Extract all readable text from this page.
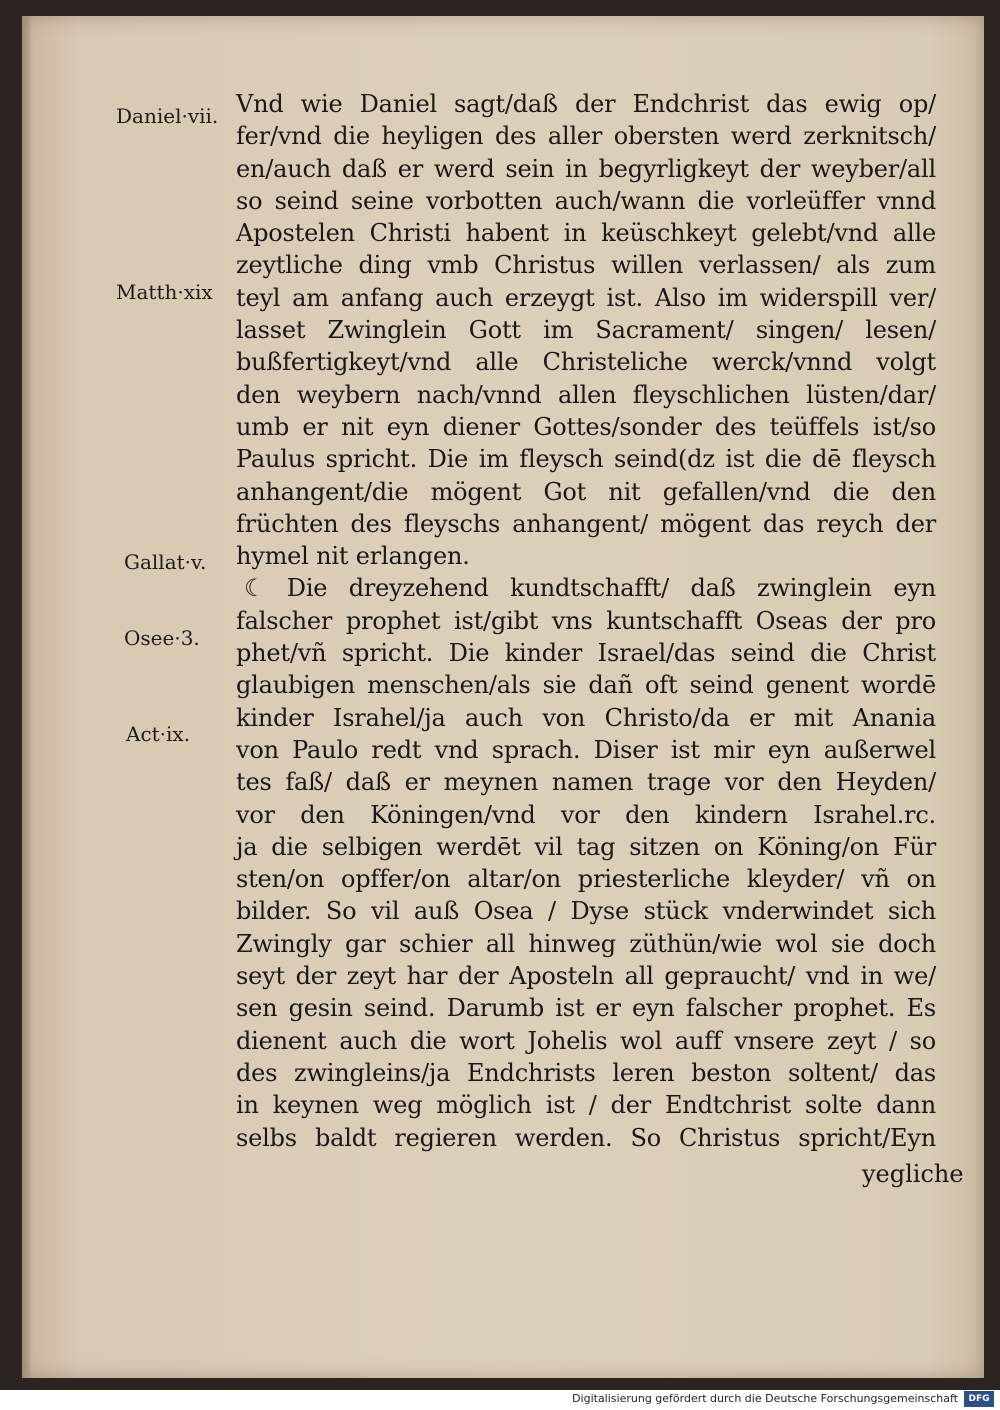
Daniel·vii.
Matth·xix
Gallat·v.
Osee·3.
Act·ix.
Vnd wie Daniel sagt/daß der Endchrist das ewig op/
fer/vnd die heyligen des aller obersten werd zerknitsch/
en/auch daß er werd sein in begyrligkeyt der weyber/all
so seind seine vorbotten auch/wann die vorleüffer vnnd
Apostelen Christi habent in keüschkeyt gelebt/vnd alle
zeytliche ding vmb Christus willen verlassen/ als zum
teyl am anfang auch erzeygt ist. Also im widerspill ver/
lasset Zwinglein Gott im Sacrament/ singen/ lesen/
bußfertigkeyt/vnd alle Christeliche werck/vnnd volgt
den weybern nach/vnnd allen fleyschlichen lüsten/dar/
umb er nit eyn diener Gottes/sonder des teüffels ist/so
Paulus spricht. Die im fleysch seind(dz ist die dē fleysch
anhangent/die mögent Got nit gefallen/vnd die den
früchten des fleyschs anhangent/ mögent das reych der
hymel nit erlangen.
☾ Die dreyzehend kundtschafft/ daß zwinglein eyn
falscher prophet ist/gibt vns kuntschafft Oseas der pro
phet/vñ spricht. Die kinder Israel/das seind die Christ
glaubigen menschen/als sie dañ oft seind genent wordē
kinder Israhel/ja auch von Christo/da er mit Anania
von Paulo redt vnd sprach. Diser ist mir eyn außerwel
tes faß/ daß er meynen namen trage vor den Heyden/
vor den Köningen/vnd vor den kindern Israhel.rc.
ja die selbigen werdēt vil tag sitzen on Köning/on Für
sten/on opffer/on altar/on priesterliche kleyder/ vñ on
bilder. So vil auß Osea / Dyse stück vnderwindet sich
Zwingly gar schier all hinweg züthün/wie wol sie doch
seyt der zeyt har der Aposteln all gepraucht/ vnd in we/
sen gesin seind. Darumb ist er eyn falscher prophet. Es
dienent auch die wort Johelis wol auff vnsere zeyt / so
des zwingleins/ja Endchrists leren beston soltent/ das
in keynen weg möglich ist / der Endtchrist solte dann
selbs baldt regieren werden. So Christus spricht/Eyn
yegliche
Digitalisierung gefördert durch die Deutsche Forschungsgemeinschaft	DFG
